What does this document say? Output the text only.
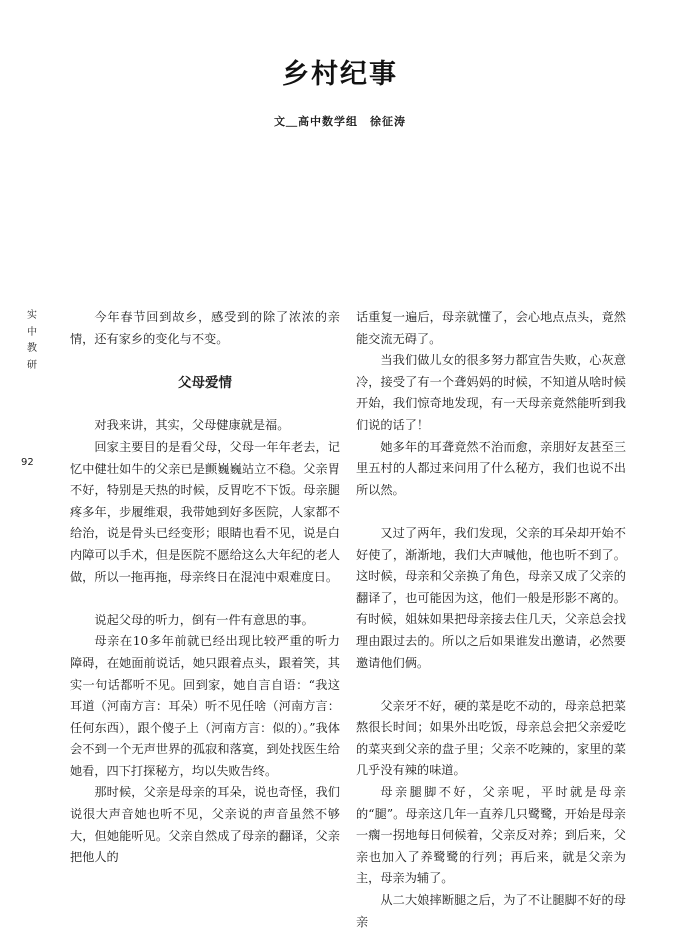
乡村纪事
文＿高中数学组　徐征涛
实中教研
92

今年春节回到故乡，感受到的除了浓浓的亲情，还有家乡的变化与不变。

父母爱情

对我来讲，其实，父母健康就是福。

回家主要目的是看父母，父母一年年老去，记忆中健壮如牛的父亲已是颤巍巍站立不稳。父亲胃不好，特别是天热的时候，反胃吃不下饭。母亲腿疼多年，步履维艰，我带她到好多医院，人家都不给治，说是骨头已经变形；眼睛也看不见，说是白内障可以手术，但是医院不愿给这么大年纪的老人做，所以一拖再拖，母亲终日在混沌中艰难度日。

说起父母的听力，倒有一件有意思的事。

母亲在10多年前就已经出现比较严重的听力障碍，在她面前说话，她只跟着点头，跟着笑，其实一句话都听不见。回到家，她自言自语：“我这耳道（河南方言：耳朵）听不见任啥（河南方言：任何东西），跟个傻子上（河南方言：似的）。”我体会不到一个无声世界的孤寂和落寞，到处找医生给她看，四下打探秘方，均以失败告终。

那时候，父亲是母亲的耳朵，说也奇怪，我们说很大声音她也听不见，父亲说的声音虽然不够大，但她能听见。父亲自然成了母亲的翻译，父亲把他人的

话重复一遍后，母亲就懂了，会心地点点头，竟然能交流无碍了。

当我们做儿女的很多努力都宣告失败，心灰意冷，接受了有一个聋妈妈的时候，不知道从啥时候开始，我们惊奇地发现，有一天母亲竟然能听到我们说的话了！

她多年的耳聋竟然不治而愈，亲朋好友甚至三里五村的人都过来问用了什么秘方，我们也说不出所以然。

又过了两年，我们发现，父亲的耳朵却开始不好使了，渐渐地，我们大声喊他，他也听不到了。这时候，母亲和父亲换了角色，母亲又成了父亲的翻译了，也可能因为这，他们一般是形影不离的。有时候，姐妹如果把母亲接去住几天，父亲总会找理由跟过去的。所以之后如果谁发出邀请，必然要邀请他们俩。

父亲牙不好，硬的菜是吃不动的，母亲总把菜熬很长时间；如果外出吃饭，母亲总会把父亲爱吃的菜夹到父亲的盘子里；父亲不吃辣的，家里的菜几乎没有辣的味道。

母亲腿脚不好，父亲呢，平时就是母亲的“腿”。母亲这几年一直养几只鹭鹭，开始是母亲一瘸一拐地每日伺候着，父亲反对养；到后来，父亲也加入了养鹭鹭的行列；再后来，就是父亲为主，母亲为辅了。

从二大娘摔断腿之后，为了不让腿脚不好的母亲
